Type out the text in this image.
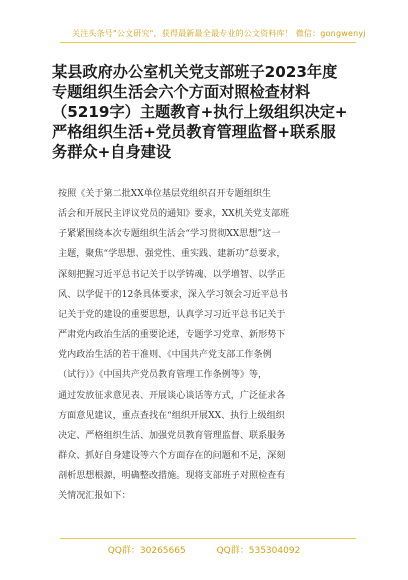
关注头条号"公文研究"，获得最新最全最专业的公文资料库！ 微信：gongwenyj
某县政府办公室机关党支部班子2023年度
专题组织生活会六个方面对照检查材料
（5219字）主题教育+执行上级组织决定+
严格组织生活+党员教育管理监督+联系服
务群众+自身建设
按照《关于第二批XX单位基层党组织召开专题组织生
活会和开展民主评议党员的通知》要求，XX机关党支部班
子紧紧围绕本次专题组织生活会“学习贯彻XX思想”这一
主题，聚焦“学思想、强党性、重实践、建新功”总要求，
深刻把握习近平总书记关于以学铸魂、以学增智、以学正
风、以学促干的12条具体要求，深入学习领会习近平总书
记关于党的建设的重要思想，认真学习习近平总书记关于
严肃党内政治生活的重要论述，专题学习党章、新形势下
党内政治生活的若干准则、《中国共产党支部工作条例
（试行）》《中国共产党员教育管理工作条例等》等，
通过发放征求意见表、开展谈心谈话等方式，广泛征求各
方面意见建议，重点查找在“组织开展XX、执行上级组织
决定、严格组织生活、加强党员教育管理监督、联系服务
群众、抓好自身建设等六个方面存在的问题和不足，深刻
剖析思想根源，明确整改措施。现将支部班子对照检查有
关情况汇报如下：
QQ群：30265665	QQ群：535304092
